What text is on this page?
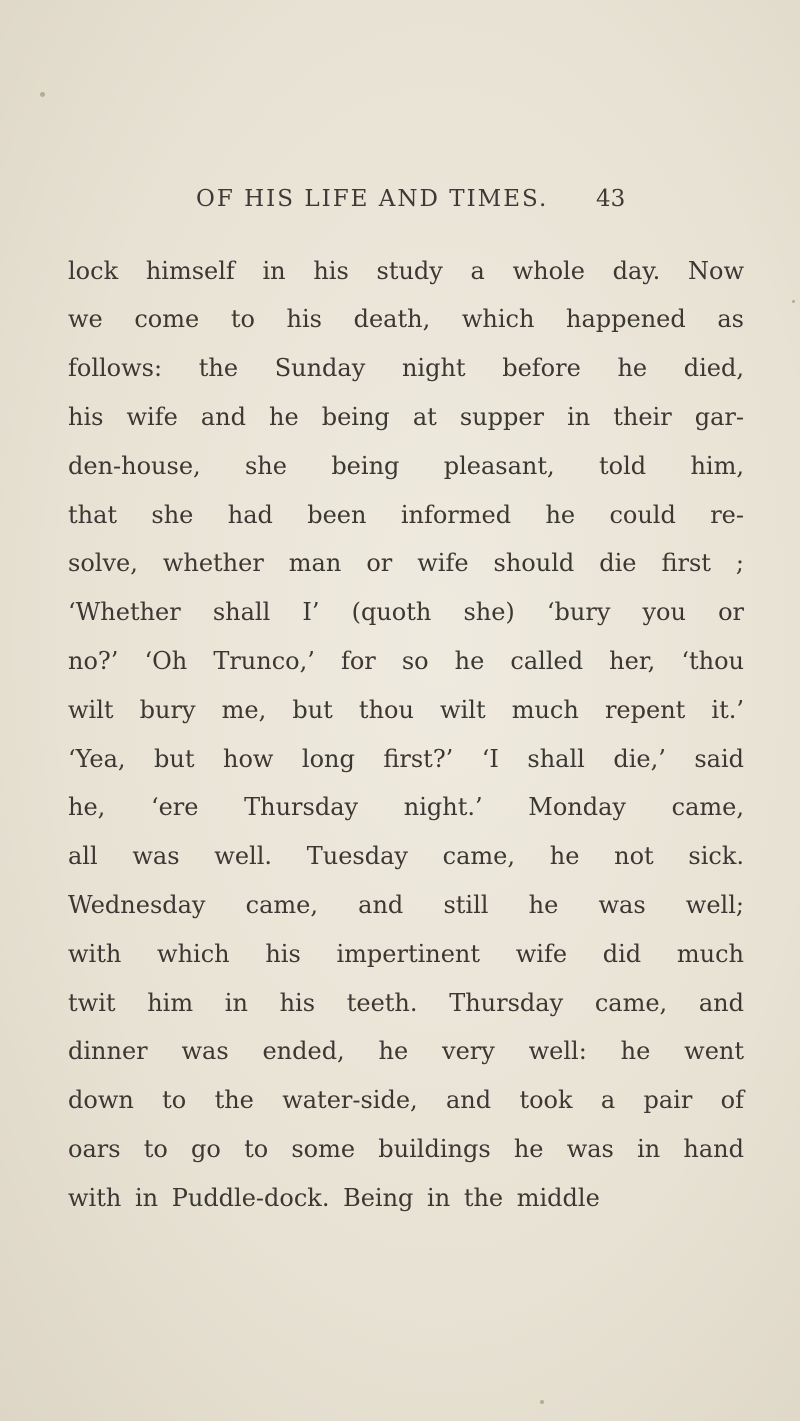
OF HIS LIFE AND TIMES. 43
lock himself in his study a whole day. Now
we come to his death, which happened as
follows: the Sunday night before he died,
his wife and he being at supper in their gar-
den-house, she being pleasant, told him,
that she had been informed he could re-
solve, whether man or wife should die first ;
‘Whether shall I’ (quoth she) ‘bury you or
no?’ ‘Oh Trunco,’ for so he called her, ‘thou
wilt bury me, but thou wilt much repent it.’
‘Yea, but how long first?’ ‘I shall die,’ said
he, ‘ere Thursday night.’ Monday came,
all was well. Tuesday came, he not sick.
Wednesday came, and still he was well;
with which his impertinent wife did much
twit him in his teeth. Thursday came, and
dinner was ended, he very well: he went
down to the water-side, and took a pair of
oars to go to some buildings he was in hand
with in Puddle-dock. Being in the middle
